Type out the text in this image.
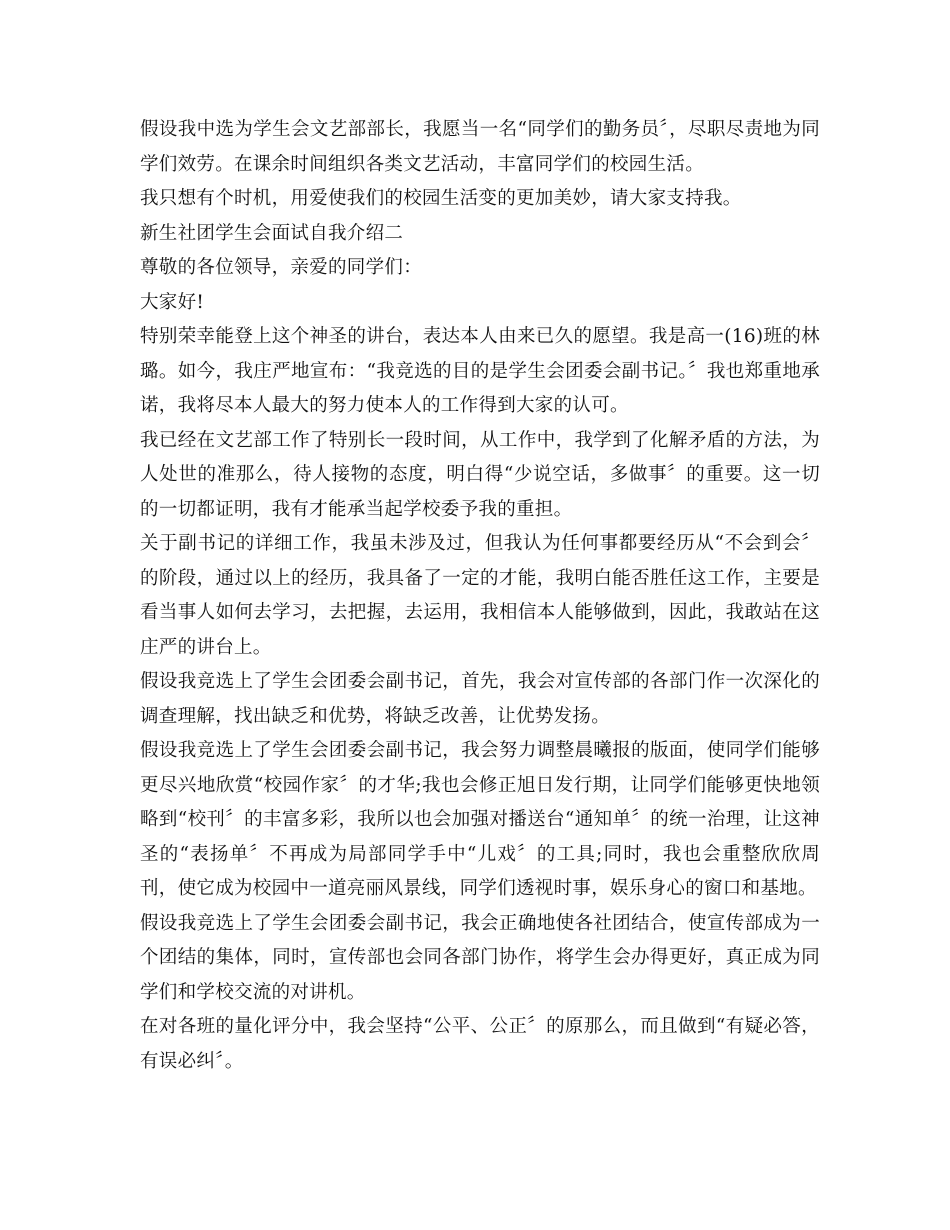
假设我中选为学生会文艺部部长，我愿当一名“同学们的勤务员〞，尽职尽责地为同学们效劳。在课余时间组织各类文艺活动，丰富同学们的校园生活。

我只想有个时机，用爱使我们的校园生活变的更加美妙，请大家支持我。

新生社团学生会面试自我介绍二

尊敬的各位领导，亲爱的同学们：

大家好!

特别荣幸能登上这个神圣的讲台，表达本人由来已久的愿望。我是高一(16)班的林璐。如今，我庄严地宣布：“我竞选的目的是学生会团委会副书记。〞我也郑重地承诺，我将尽本人最大的努力使本人的工作得到大家的认可。

我已经在文艺部工作了特别长一段时间，从工作中，我学到了化解矛盾的方法，为人处世的准那么，待人接物的态度，明白得“少说空话，多做事〞的重要。这一切的一切都证明，我有才能承当起学校委予我的重担。

关于副书记的详细工作，我虽未涉及过，但我认为任何事都要经历从“不会到会〞的阶段，通过以上的经历，我具备了一定的才能，我明白能否胜任这工作，主要是看当事人如何去学习，去把握，去运用，我相信本人能够做到，因此，我敢站在这庄严的讲台上。

假设我竞选上了学生会团委会副书记，首先，我会对宣传部的各部门作一次深化的调查理解，找出缺乏和优势，将缺乏改善，让优势发扬。

假设我竞选上了学生会团委会副书记，我会努力调整晨曦报的版面，使同学们能够更尽兴地欣赏“校园作家〞的才华;我也会修正旭日发行期，让同学们能够更快地领略到“校刊〞的丰富多彩，我所以也会加强对播送台“通知单〞的统一治理，让这神圣的“表扬单〞不再成为局部同学手中“儿戏〞的工具;同时，我也会重整欣欣周刊，使它成为校园中一道亮丽风景线，同学们透视时事，娱乐身心的窗口和基地。

假设我竞选上了学生会团委会副书记，我会正确地使各社团结合，使宣传部成为一个团结的集体，同时，宣传部也会同各部门协作，将学生会办得更好，真正成为同学们和学校交流的对讲机。

在对各班的量化评分中，我会坚持“公平、公正〞的原那么，而且做到“有疑必答，有误必纠〞。
